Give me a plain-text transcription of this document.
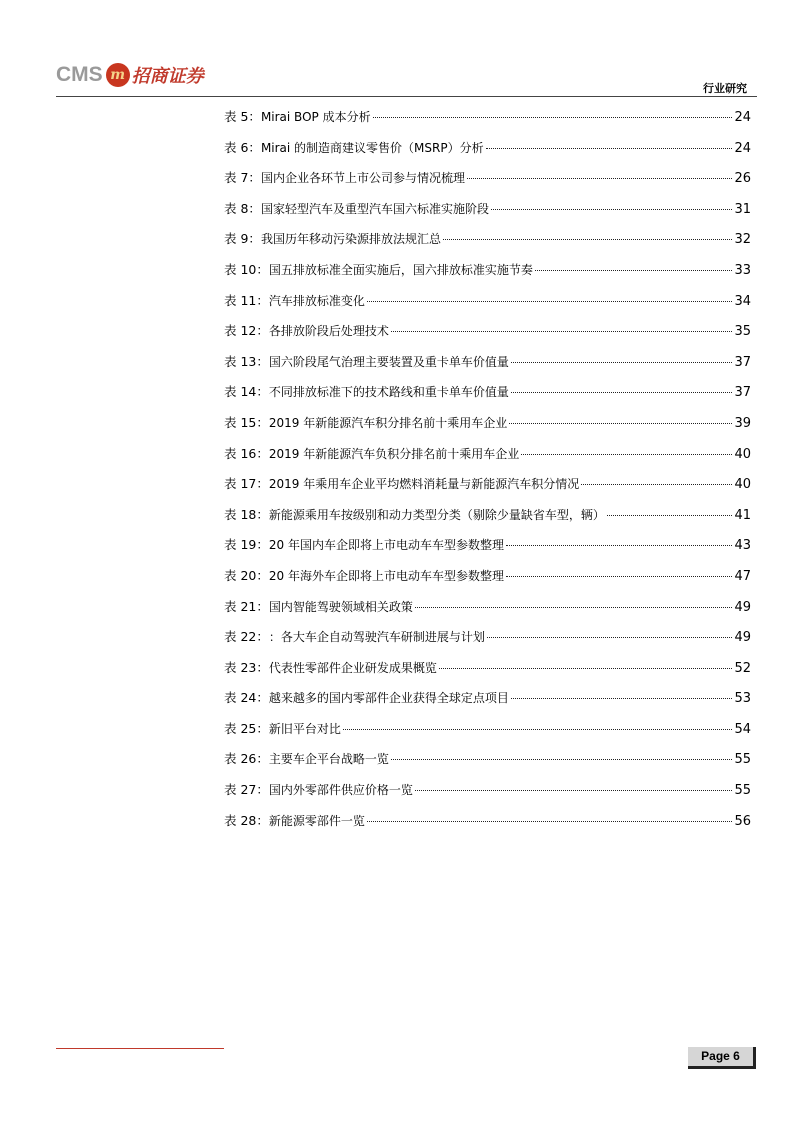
CMS m 招商证券
行业研究
表 5： Mirai BOP 成本分析	24
表 6： Mirai 的制造商建议零售价（MSRP）分析	24
表 7： 国内企业各环节上市公司参与情况梳理	26
表 8： 国家轻型汽车及重型汽车国六标准实施阶段	31
表 9： 我国历年移动污染源排放法规汇总	32
表 10： 国五排放标准全面实施后，国六排放标准实施节奏	33
表 11： 汽车排放标准变化	34
表 12： 各排放阶段后处理技术	35
表 13： 国六阶段尾气治理主要装置及重卡单车价值量	37
表 14： 不同排放标准下的技术路线和重卡单车价值量	37
表 15： 2019 年新能源汽车积分排名前十乘用车企业	39
表 16： 2019 年新能源汽车负积分排名前十乘用车企业	40
表 17： 2019 年乘用车企业平均燃料消耗量与新能源汽车积分情况	40
表 18： 新能源乘用车按级别和动力类型分类（剔除少量缺省车型，辆）	41
表 19： 20 年国内车企即将上市电动车车型参数整理	43
表 20： 20 年海外车企即将上市电动车车型参数整理	47
表 21： 国内智能驾驶领域相关政策	49
表 22： ：各大车企自动驾驶汽车研制进展与计划	49
表 23： 代表性零部件企业研发成果概览	52
表 24： 越来越多的国内零部件企业获得全球定点项目	53
表 25： 新旧平台对比	54
表 26： 主要车企平台战略一览	55
表 27： 国内外零部件供应价格一览	55
表 28： 新能源零部件一览	56
Page 6
